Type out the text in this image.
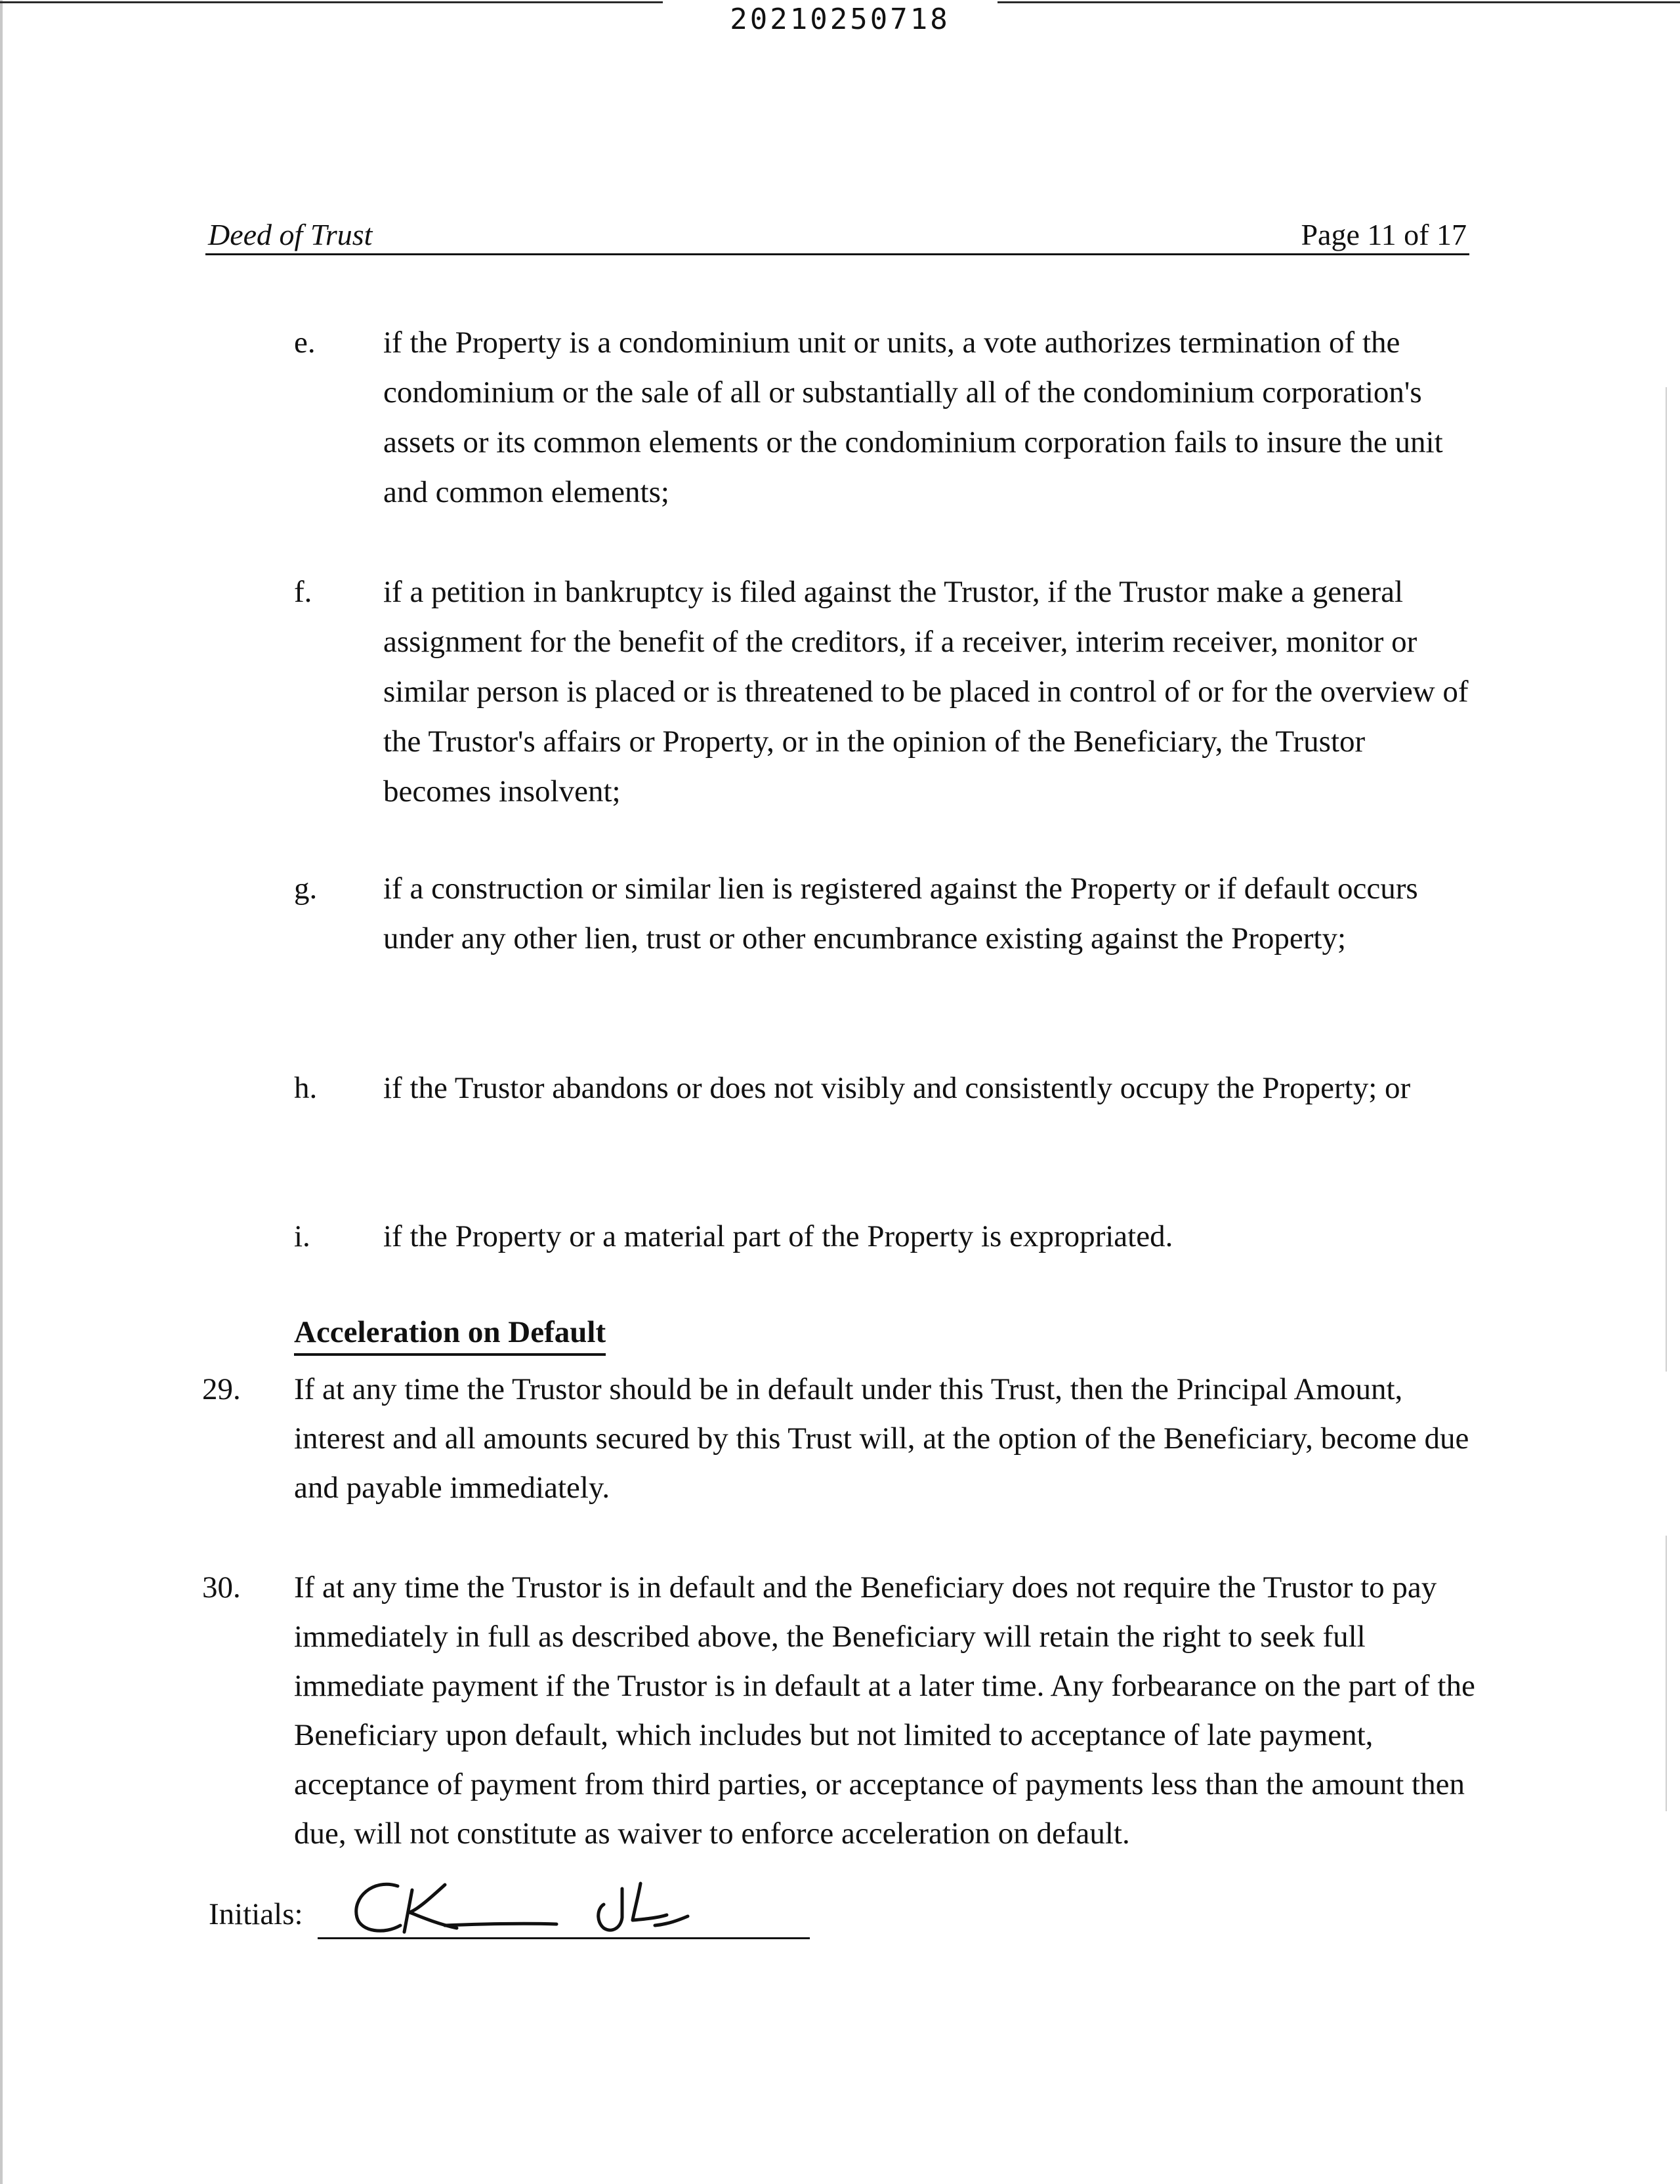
20210250718
Deed of Trust	Page 11 of 17
e.	if the Property is a condominium unit or units, a vote authorizes termination of the condominium or the sale of all or substantially all of the condominium corporation's assets or its common elements or the condominium corporation fails to insure the unit and common elements;
f.	if a petition in bankruptcy is filed against the Trustor, if the Trustor make a general assignment for the benefit of the creditors, if a receiver, interim receiver, monitor or similar person is placed or is threatened to be placed in control of or for the overview of the Trustor's affairs or Property, or in the opinion of the Beneficiary, the Trustor becomes insolvent;
g.	if a construction or similar lien is registered against the Property or if default occurs under any other lien, trust or other encumbrance existing against the Property;
h.	if the Trustor abandons or does not visibly and consistently occupy the Property; or
i.	if the Property or a material part of the Property is expropriated.
Acceleration on Default
29.	If at any time the Trustor should be in default under this Trust, then the Principal Amount, interest and all amounts secured by this Trust will, at the option of the Beneficiary, become due and payable immediately.
30.	If at any time the Trustor is in default and the Beneficiary does not require the Trustor to pay immediately in full as described above, the Beneficiary will retain the right to seek full immediate payment if the Trustor is in default at a later time. Any forbearance on the part of the Beneficiary upon default, which includes but not limited to acceptance of late payment, acceptance of payment from third parties, or acceptance of payments less than the amount then due, will not constitute as waiver to enforce acceleration on default.
Initials:
